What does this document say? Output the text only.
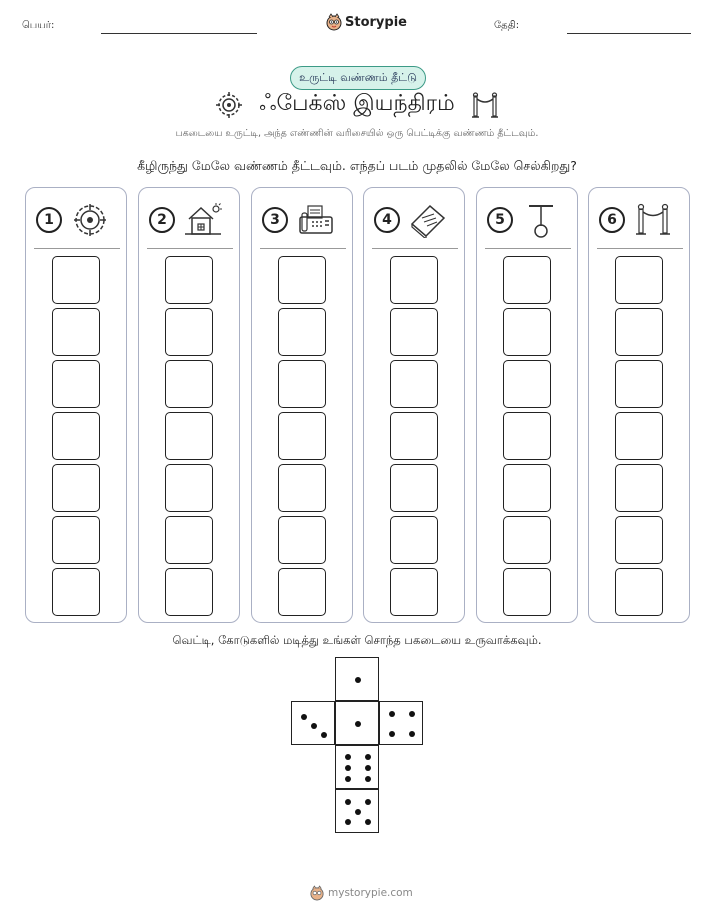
பெயர்:	Storypie	தேதி:
உருட்டி வண்ணம் தீட்டு
ஃபேக்ஸ் இயந்திரம்
பகடையை உருட்டி, அந்த எண்ணின் வரிசையில் ஒரு பெட்டிக்கு வண்ணம் தீட்டவும்.
கீழிருந்து மேலே வண்ணம் தீட்டவும். எந்தப் படம் முதலில் மேலே செல்கிறது?
1	2	3	4	5	6
வெட்டி, கோடுகளில் மடித்து உங்கள் சொந்த பகடையை உருவாக்கவும்.
mystorypie.com
